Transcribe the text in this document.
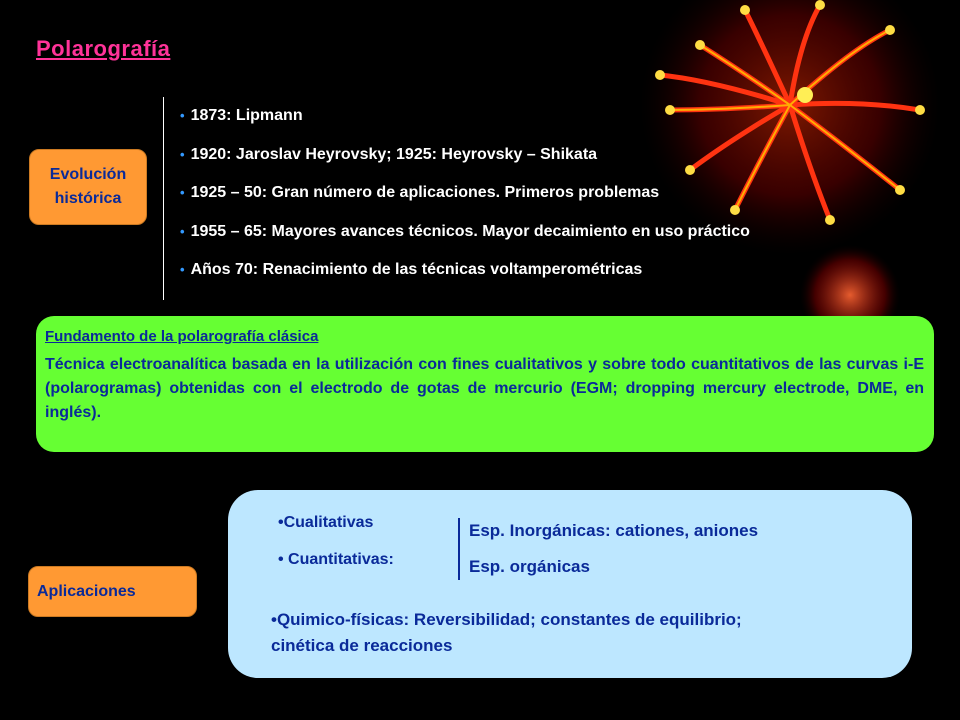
Polarografía
Evolución
histórica
• 1873: Lipmann
• 1920: Jaroslav Heyrovsky; 1925: Heyrovsky – Shikata
• 1925 – 50: Gran número de aplicaciones. Primeros problemas
• 1955 – 65: Mayores avances técnicos. Mayor decaimiento en uso práctico
• Años 70: Renacimiento de las técnicas voltamperométricas
Fundamento de la polarografía clásica

Técnica electroanalítica basada en la utilización con fines cualitativos y sobre todo cuantitativos de las curvas i-E (polarogramas) obtenidas con el electrodo de gotas de mercurio (EGM; dropping mercury electrode, DME, en inglés).

Aplicaciones
•Cualitativas
• Cuantitativas:
Esp. Inorgánicas: cationes, aniones
Esp. orgánicas
•Quimico-físicas: Reversibilidad; constantes de equilibrio;
cinética de reacciones
